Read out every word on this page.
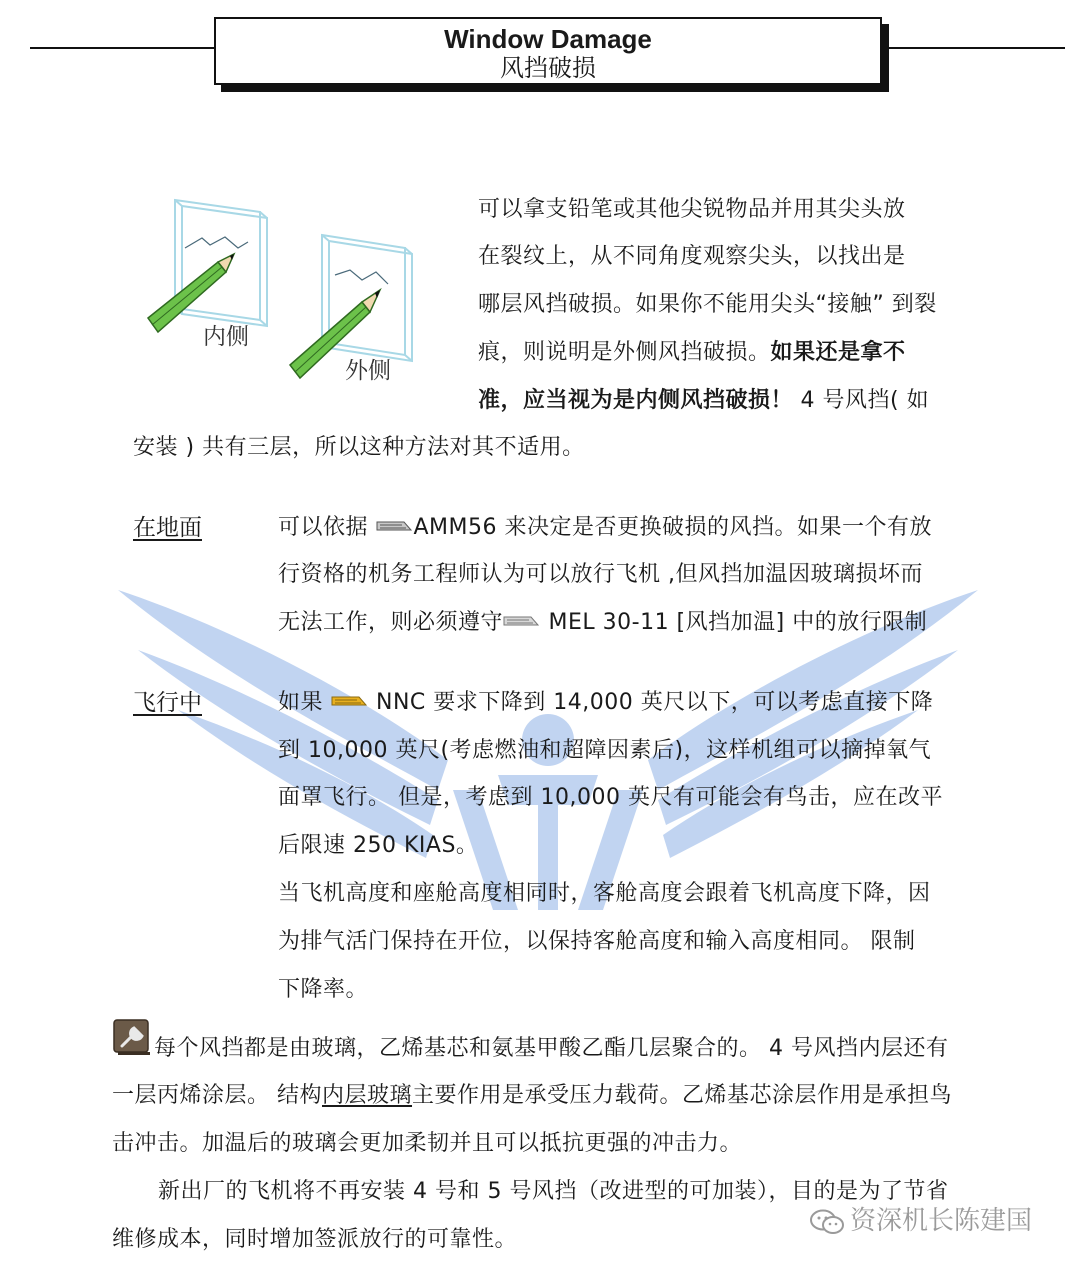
Window Damage
风挡破损
内侧
外侧
可以拿支铅笔或其他尖锐物品并用其尖头放
在裂纹上，从不同角度观察尖头，以找出是
哪层风挡破损。如果你不能用尖头“接触” 到裂
痕，则说明是外侧风挡破损。如果还是拿不
准，应当视为是内侧风挡破损！ 4 号风挡( 如
安装 ) 共有三层，所以这种方法对其不适用。
在地面	可以依据 AMM56 来决定是否更换破损的风挡。如果一个有放
行资格的机务工程师认为可以放行飞机 ,但风挡加温因玻璃损坏而
无法工作，则必须遵守 MEL 30-11 [风挡加温] 中的放行限制
飞行中	如果  NNC 要求下降到 14,000 英尺以下，可以考虑直接下降
到 10,000 英尺(考虑燃油和超障因素后)，这样机组可以摘掉氧气
面罩飞行。 但是，考虑到 10,000 英尺有可能会有鸟击，应在改平
后限速 250 KIAS。
当飞机高度和座舱高度相同时，客舱高度会跟着飞机高度下降，因
为排气活门保持在开位，以保持客舱高度和输入高度相同。 限制
下降率。
每个风挡都是由玻璃，乙烯基芯和氨基甲酸乙酯几层聚合的。 4 号风挡内层还有
一层丙烯涂层。 结构内层玻璃主要作用是承受压力载荷。乙烯基芯涂层作用是承担鸟
击冲击。加温后的玻璃会更加柔韧并且可以抵抗更强的冲击力。
新出厂的飞机将不再安装 4 号和 5 号风挡（改进型的可加装），目的是为了节省
维修成本，同时增加签派放行的可靠性。
资深机长陈建国
